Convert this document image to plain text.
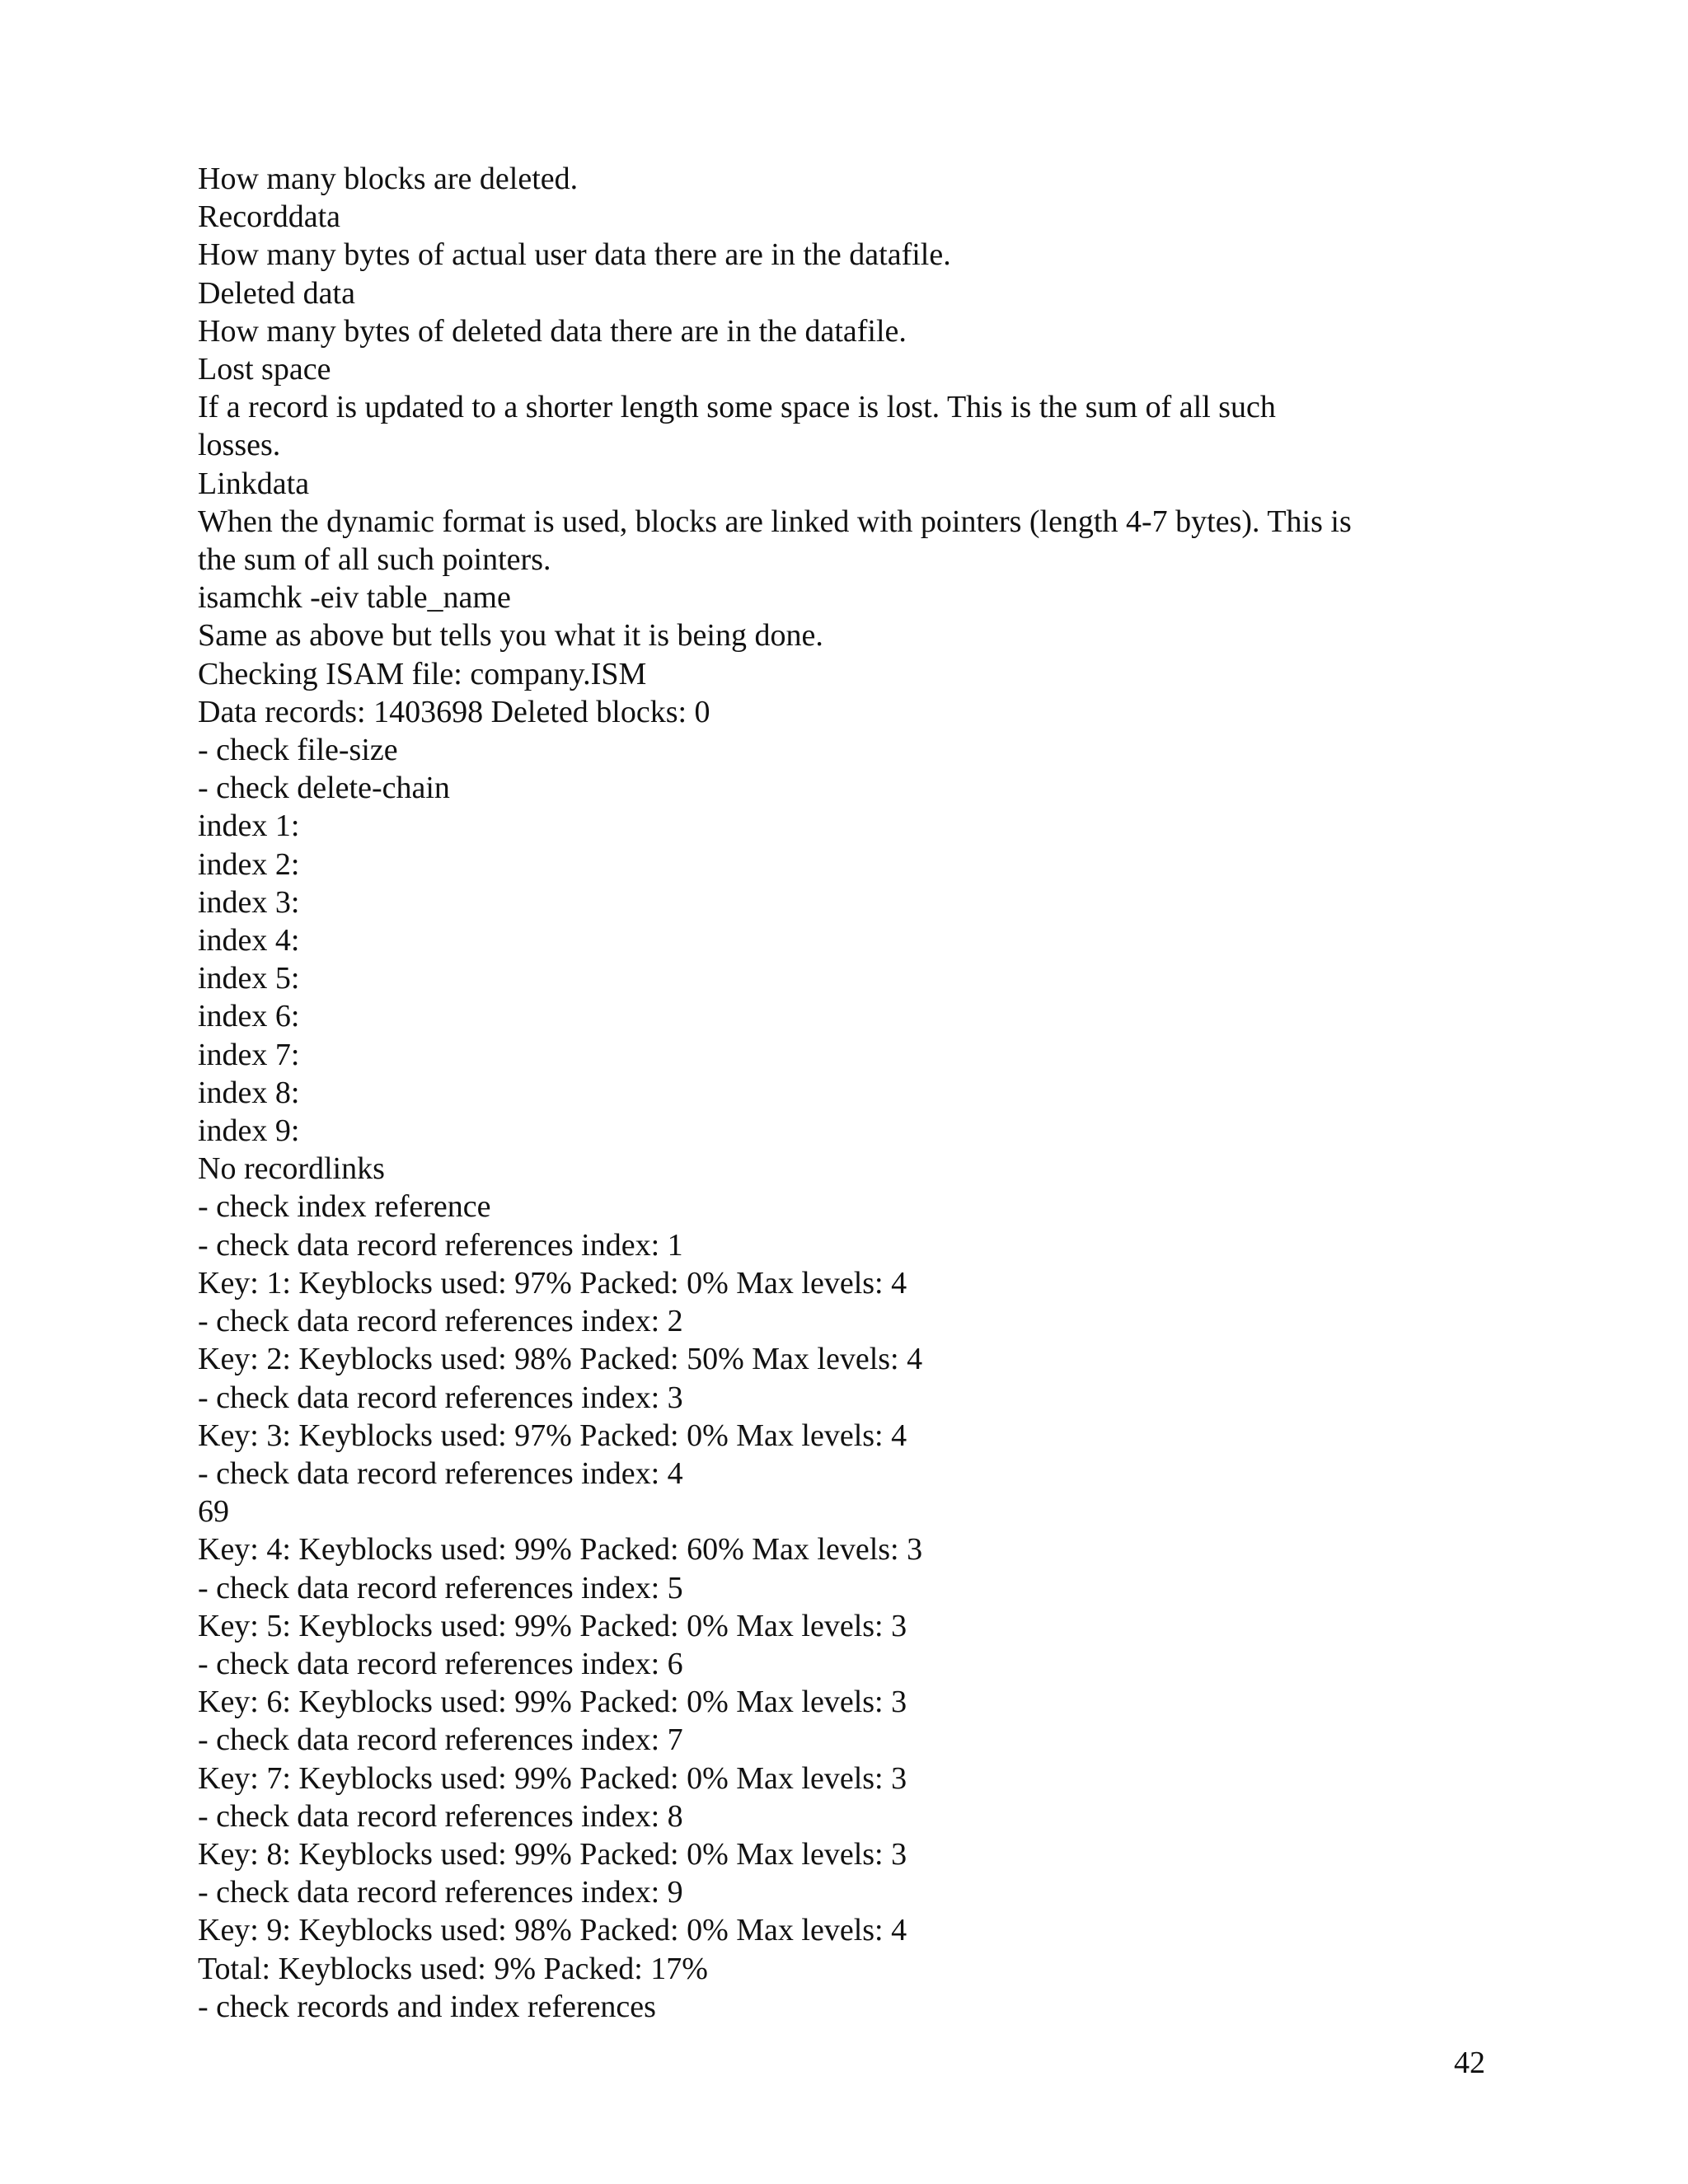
How many blocks are deleted.
Recorddata
How many bytes of actual user data there are in the datafile.
Deleted data
How many bytes of deleted data there are in the datafile.
Lost space
If a record is updated to a shorter length some space is lost. This is the sum of all such
losses.
Linkdata
When the dynamic format is used, blocks are linked with pointers (length 4-7 bytes). This is
the sum of all such pointers.
isamchk -eiv table_name
Same as above but tells you what it is being done.
Checking ISAM file: company.ISM
Data records: 1403698 Deleted blocks: 0
- check file-size
- check delete-chain
index 1:
index 2:
index 3:
index 4:
index 5:
index 6:
index 7:
index 8:
index 9:
No recordlinks
- check index reference
- check data record references index: 1
Key: 1: Keyblocks used: 97% Packed: 0% Max levels: 4
- check data record references index: 2
Key: 2: Keyblocks used: 98% Packed: 50% Max levels: 4
- check data record references index: 3
Key: 3: Keyblocks used: 97% Packed: 0% Max levels: 4
- check data record references index: 4
69
Key: 4: Keyblocks used: 99% Packed: 60% Max levels: 3
- check data record references index: 5
Key: 5: Keyblocks used: 99% Packed: 0% Max levels: 3
- check data record references index: 6
Key: 6: Keyblocks used: 99% Packed: 0% Max levels: 3
- check data record references index: 7
Key: 7: Keyblocks used: 99% Packed: 0% Max levels: 3
- check data record references index: 8
Key: 8: Keyblocks used: 99% Packed: 0% Max levels: 3
- check data record references index: 9
Key: 9: Keyblocks used: 98% Packed: 0% Max levels: 4
Total: Keyblocks used: 9% Packed: 17%
- check records and index references
42
